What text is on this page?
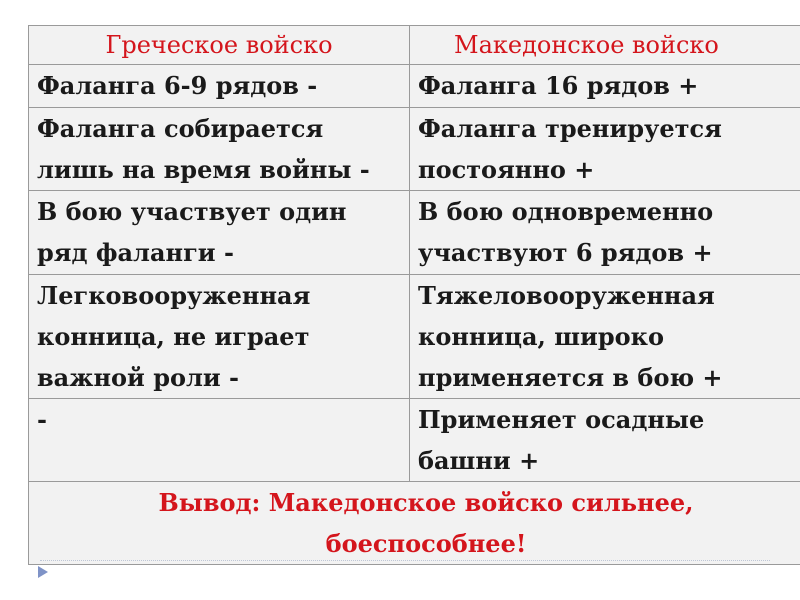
Греческое войско	Македонское войско

Фаланга 6-9 рядов -	Фаланга 16 рядов +

Фаланга собирается
лишь на время войны -	Фаланга тренируется
постоянно +

В бою участвует один
ряд фаланги -	В бою одновременно
участвуют 6 рядов +

Легковооруженная
конница, не играет
важной роли -	Тяжеловооруженная
конница, широко
применяется в бою +

-	Применяет осадные
башни +

Вывод: Македонское войско сильнее,
боеспособнее!	
